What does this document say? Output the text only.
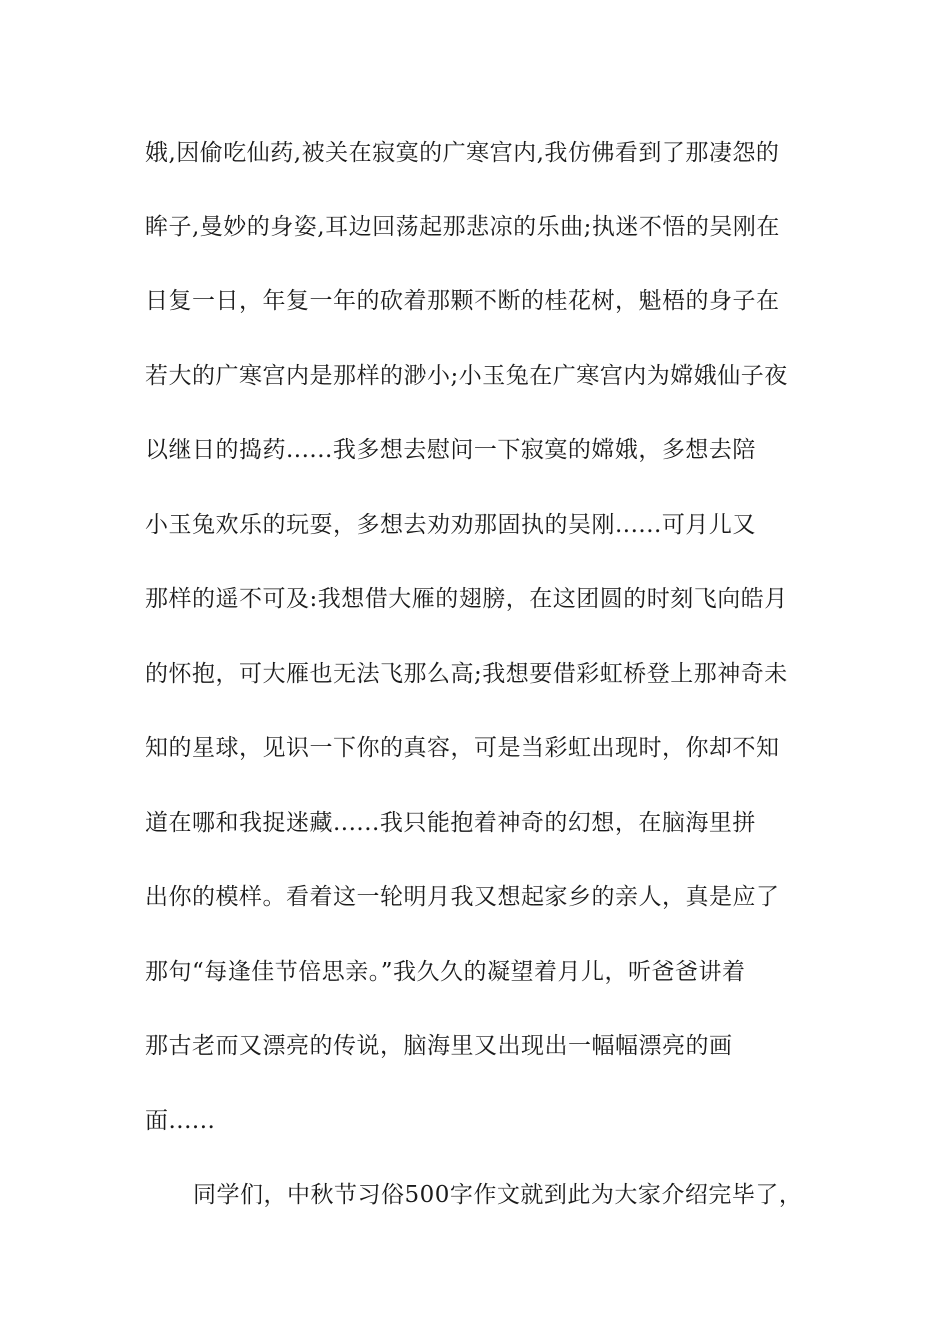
娥,因偷吃仙药,被关在寂寞的广寒宫内,我仿佛看到了那凄怨的
眸子,曼妙的身姿,耳边回荡起那悲凉的乐曲;执迷不悟的吴刚在
日复一日，年复一年的砍着那颗不断的桂花树，魁梧的身子在
若大的广寒宫内是那样的渺小;小玉兔在广寒宫内为嫦娥仙子夜
以继日的捣药......我多想去慰问一下寂寞的嫦娥，多想去陪
小玉兔欢乐的玩耍，多想去劝劝那固执的吴刚......可月儿又
那样的遥不可及:我想借大雁的翅膀，在这团圆的时刻飞向皓月
的怀抱，可大雁也无法飞那么高;我想要借彩虹桥登上那神奇未
知的星球，见识一下你的真容，可是当彩虹出现时，你却不知
道在哪和我捉迷藏......我只能抱着神奇的幻想，在脑海里拼
出你的模样。看着这一轮明月我又想起家乡的亲人，真是应了
那句“每逢佳节倍思亲。”我久久的凝望着月儿，听爸爸讲着
那古老而又漂亮的传说，脑海里又出现出一幅幅漂亮的画
面......
同学们，中秋节习俗500字作文就到此为大家介绍完毕了，
